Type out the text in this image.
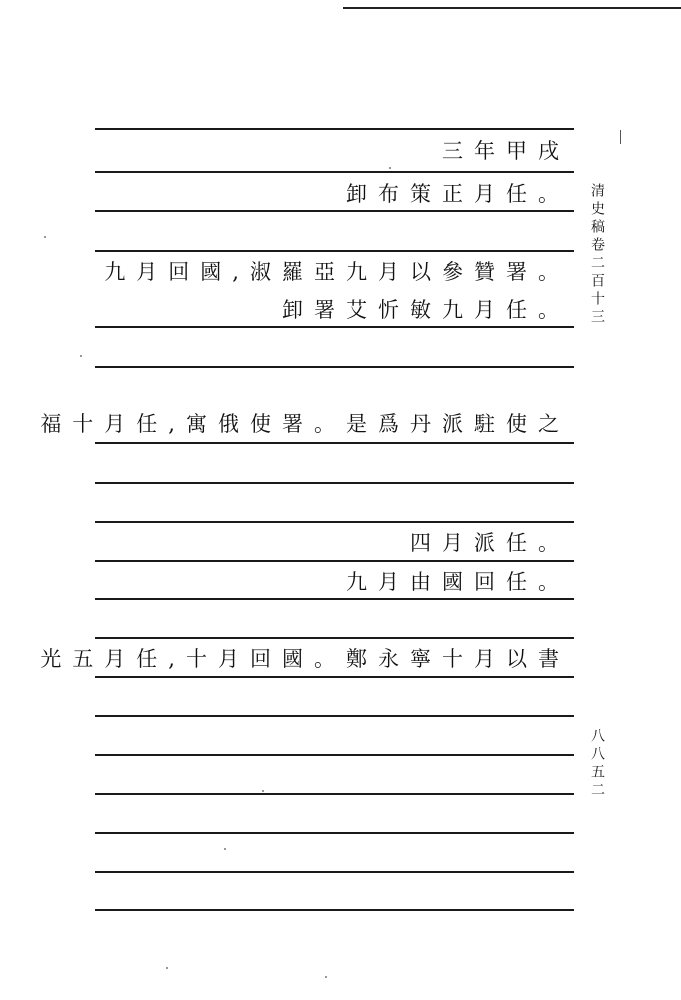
三年甲戌
卸布策正月任。
九月回國,淑羅亞九月以參贊署。
卸署艾忻敏九月任。
福十月任,寓俄使署。是爲丹派駐使之
四月派任。
九月由國回任。
光五月任,十月回國。鄭永寧十月以書
清史稿卷二百十三
八八五二
